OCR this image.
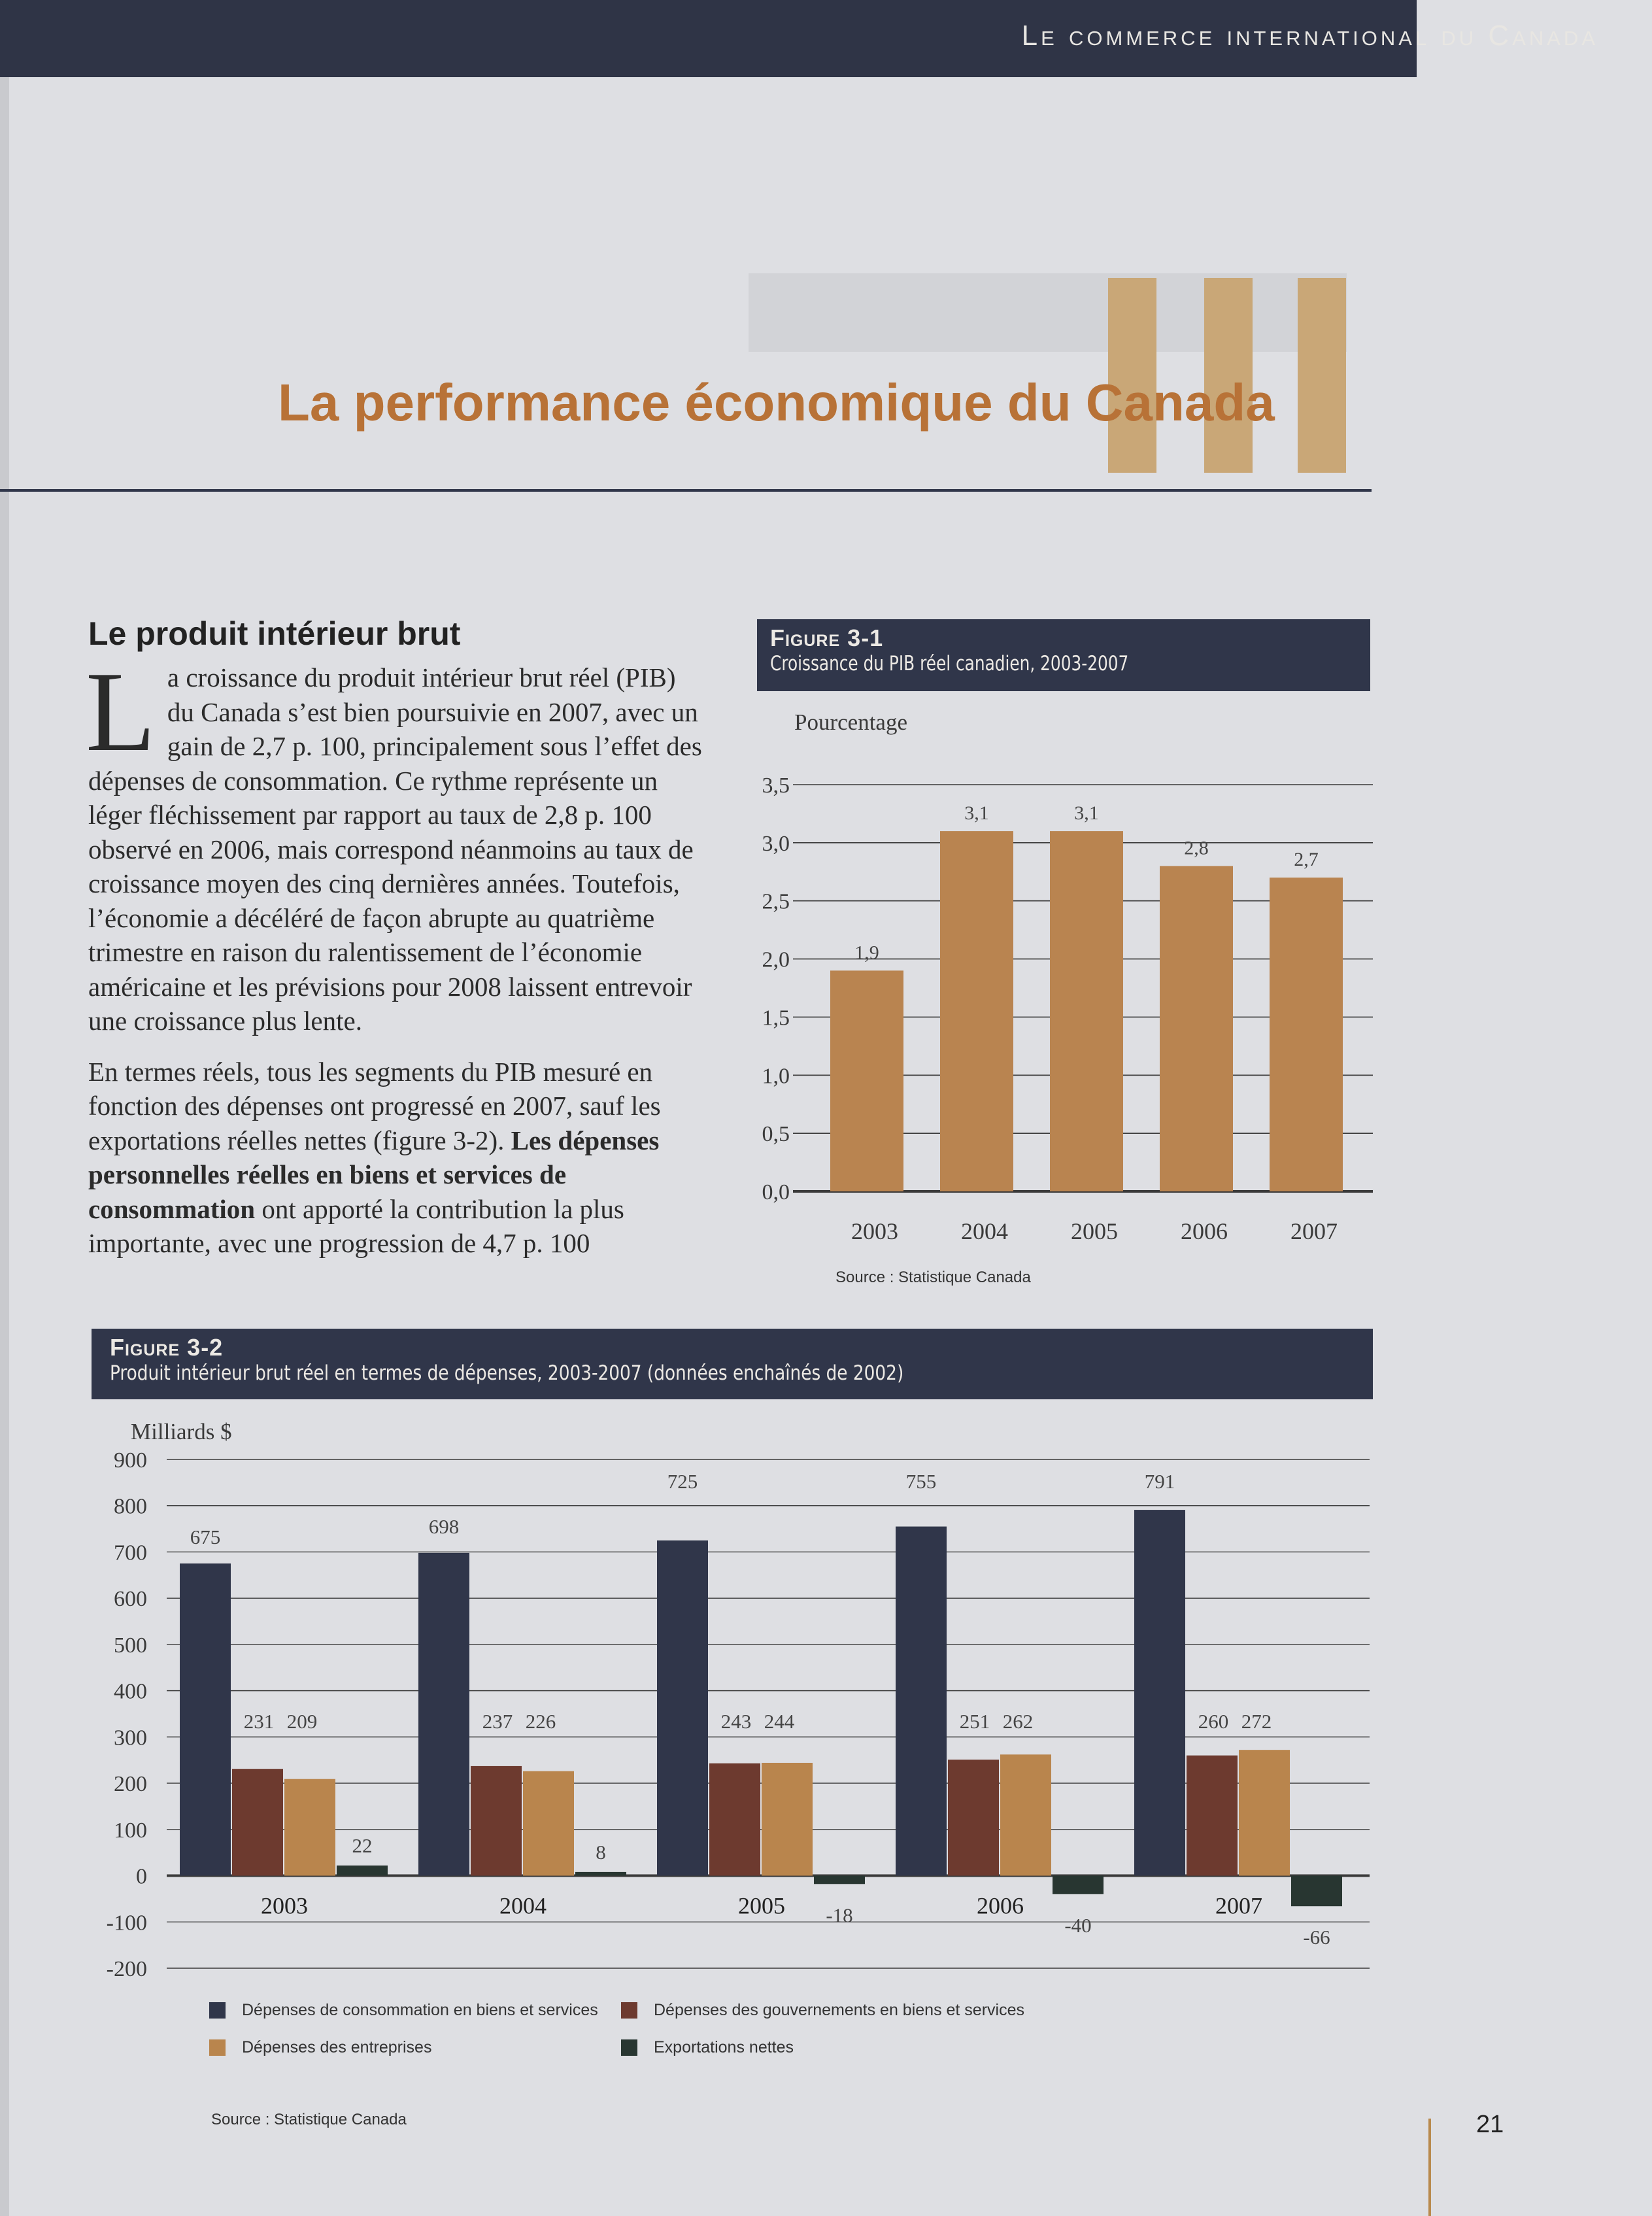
Le commerce international du Canada
La performance économique du Canada
Le produit intérieur brut

La croissance du produit intérieur brut réel (PIB) du Canada s’est bien poursuivie en 2007, avec un gain de 2,7 p. 100, principalement sous l’effet des dépenses de consommation. Ce rythme représente un léger fléchissement par rapport au taux de 2,8 p. 100 observé en 2006, mais correspond néanmoins au taux de croissance moyen des cinq dernières années. Toutefois, l’économie a décéléré de façon abrupte au quatrième trimestre en raison du ralentissement de l’économie américaine et les prévisions pour 2008 laissent entrevoir une croissance plus lente.

En termes réels, tous les segments du PIB mesuré en fonction des dépenses ont progressé en 2007, sauf les exportations réelles nettes (figure 3-2). Les dépenses personnelles réelles en biens et services de consommation ont apporté la contribution la plus importante, avec une progression de 4,7 p. 100

Figure 3-1
Croissance du PIB réel canadien, 2003-2007
Pourcentage
0,0
0,5
1,0
1,5
2,0
2,5
3,0
3,5
1,9
2003
3,1
2004
3,1
2005
2,8
2006
2,7
2007
Source : Statistique Canada
Figure 3-2
Produit intérieur brut réel en termes de dépenses, 2003-2007 (données enchaînés de 2002)
Milliards $
-200
-100
0
100
200
300
400
500
600
700
800
900
675
231 209
22
2003
698
237 226
8
2004
725
243 244
-18
2005
755
251 262
-40
2006
791
260 272
-66
2007
Dépenses de consommation en biens et services	Dépenses des gouvernements en biens et services
Dépenses des entreprises	Exportations nettes
Source : Statistique Canada	21
